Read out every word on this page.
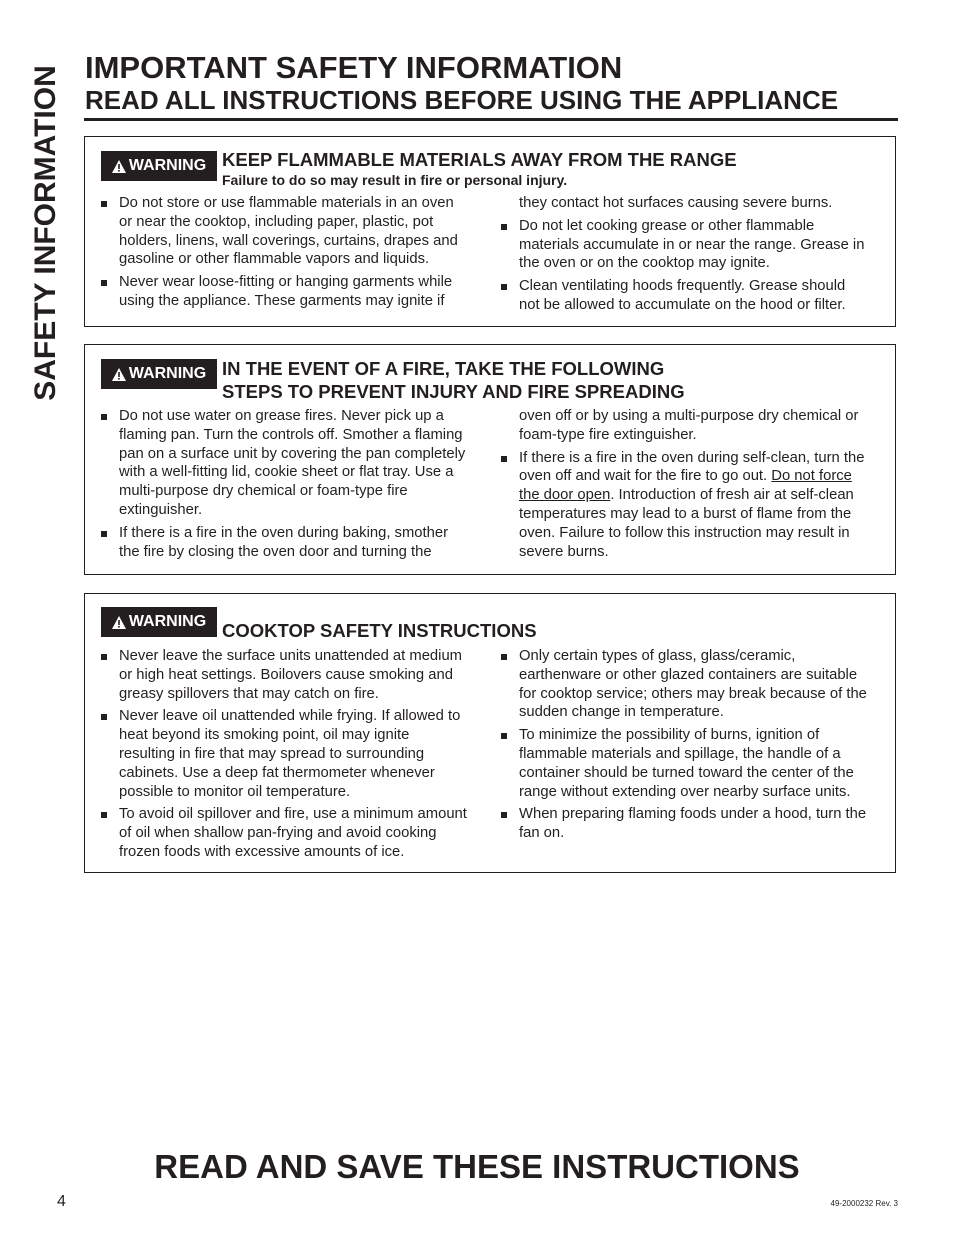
SAFETY INFORMATION IMPORTANT SAFETY INFORMATION
READ ALL INSTRUCTIONS BEFORE USING THE APPLIANCE
WARNING KEEP FLAMMABLE MATERIALS AWAY FROM THE RANGE
Failure to do so may result in fire or personal injury.
Do not store or use flammable materials in an oven or near the cooktop, including paper, plastic, pot holders, linens, wall coverings, curtains, drapes and gasoline or other flammable vapors and liquids.
Never wear loose-fitting or hanging garments while using the appliance. These garments may ignite if
they contact hot surfaces causing severe burns.
Do not let cooking grease or other flammable materials accumulate in or near the range. Grease in the oven or on the cooktop may ignite.
Clean ventilating hoods frequently. Grease should not be allowed to accumulate on the hood or filter.
WARNING IN THE EVENT OF A FIRE, TAKE THE FOLLOWING
STEPS TO PREVENT INJURY AND FIRE SPREADING
Do not use water on grease fires. Never pick up a flaming pan. Turn the controls off. Smother a flaming pan on a surface unit by covering the pan completely with a well-fitting lid, cookie sheet or flat tray. Use a multi-purpose dry chemical or foam-type fire extinguisher.
If there is a fire in the oven during baking, smother the fire by closing the oven door and turning the
oven off or by using a multi-purpose dry chemical or foam-type fire extinguisher.
If there is a fire in the oven during self-clean, turn the oven off and wait for the fire to go out. Do not force the door open. Introduction of fresh air at self-clean temperatures may lead to a burst of flame from the oven. Failure to follow this instruction may result in severe burns.
WARNING COOKTOP SAFETY INSTRUCTIONS
Never leave the surface units unattended at medium or high heat settings. Boilovers cause smoking and greasy spillovers that may catch on fire.
Never leave oil unattended while frying. If allowed to heat beyond its smoking point, oil may ignite resulting in fire that may spread to surrounding cabinets. Use a deep fat thermometer whenever possible to monitor oil temperature.
To avoid oil spillover and fire, use a minimum amount of oil when shallow pan-frying and avoid cooking frozen foods with excessive amounts of ice.
Only certain types of glass, glass/ceramic, earthenware or other glazed containers are suitable for cooktop service; others may break because of the sudden change in temperature.
To minimize the possibility of burns, ignition of flammable materials and spillage, the handle of a container should be turned toward the center of the range without extending over nearby surface units.
When preparing flaming foods under a hood, turn the fan on.
READ AND SAVE THESE INSTRUCTIONS
4	49-2000232 Rev. 3
